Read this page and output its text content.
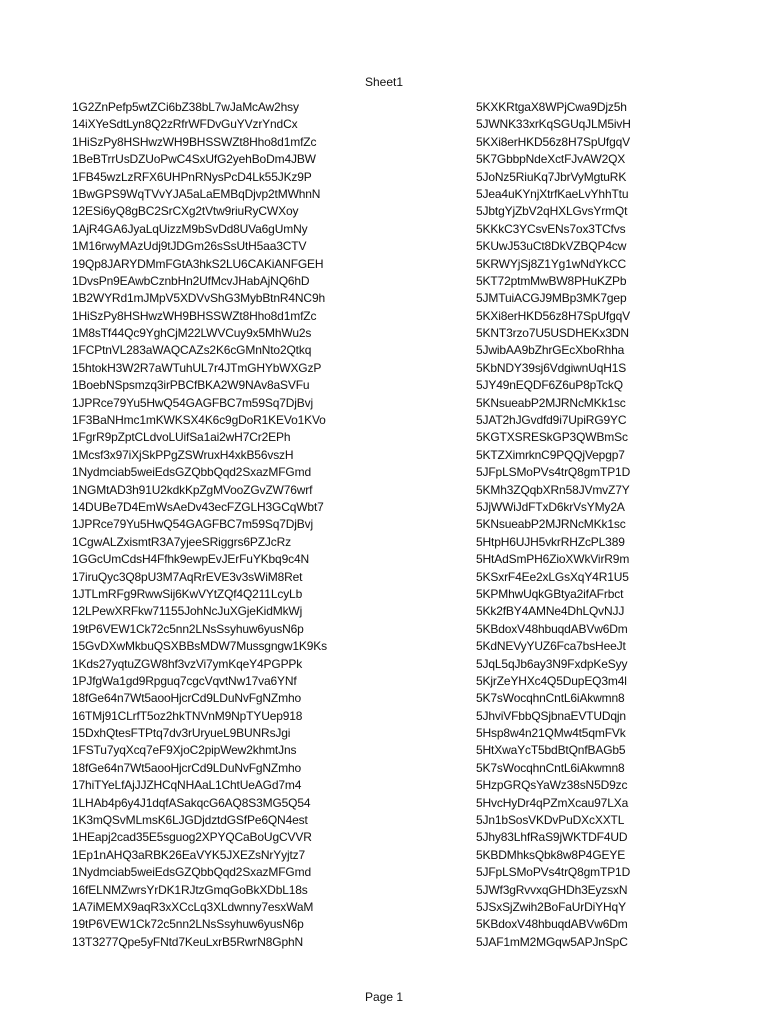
Sheet1
1G2ZnPefp5wtZCi6bZ38bL7wJaMcAw2hsy
14iXYeSdtLyn8Q2zRfrWFDvGuYVzrYndCx
1HiSzPy8HSHwzWH9BHSSWZt8Hho8d1mfZc
1BeBTrrUsDZUoPwC4SxUfG2yehBoDm4JBW
1FB45wzLzRFX6UHPnRNysPcD4Lk55JKz9P
1BwGPS9WqTVvYJA5aLaEMBqDjvp2tMWhnN
12ESi6yQ8gBC2SrCXg2tVtw9riuRyCWXoy
1AjR4GA6JyaLqUizzM9bSvDd8UVa6gUmNy
1M16rwyMAzUdj9tJDGm26sSsUtH5aa3CTV
19Qp8JARYDMmFGtA3hkS2LU6CAKiANFGEH
1DvsPn9EAwbCznbHn2UfMcvJHabAjNQ6hD
1B2WYRd1mJMpV5XDVvShG3MybBtnR4NC9h
1HiSzPy8HSHwzWH9BHSSWZt8Hho8d1mfZc
1M8sTf44Qc9YghCjM22LWVCuy9x5MhWu2s
1FCPtnVL283aWAQCAZs2K6cGMnNto2Qtkq
15htokH3W2R7aWTuhUL7r4JTmGHYbWXGzP
1BoebNSpsmzq3irPBCfBKA2W9NAv8aSVFu
1JPRce79Yu5HwQ54GAGFBC7m59Sq7DjBvj
1F3BaNHmc1mKWKSX4K6c9gDoR1KEVo1KVo
1FgrR9pZptCLdvoLUifSa1ai2wH7Cr2EPh
1Mcsf3x97iXjSkPPgZSWruxH4xkB56vszH
1Nydmciab5weiEdsGZQbbQqd2SxazMFGmd
1NGMtAD3h91U2kdkKpZgMVooZGvZW76wrf
14DUBe7D4EmWsAeDv43ecFZGLH3GCqWbt7
1JPRce79Yu5HwQ54GAGFBC7m59Sq7DjBvj
1CgwALZxismtR3A7yjeeSRiggrs6PZJcRz
1GGcUmCdsH4Ffhk9ewpEvJErFuYKbq9c4N
17iruQyc3Q8pU3M7AqRrEVE3v3sWiM8Ret
1JTLmRFg9RwwSij6KwVYtZQf4Q211LcyLb
12LPewXRFkw71155JohNcJuXGjeKidMkWj
19tP6VEW1Ck72c5nn2LNsSsyhuw6yusN6p
15GvDXwMkbuQSXBBsMDW7Mussgngw1K9Ks
1Kds27yqtuZGW8hf3vzVi7ymKqeY4PGPPk
1PJfgWa1gd9Rpguq7cgcVqvtNw17va6YNf
18fGe64n7Wt5aooHjcrCd9LDuNvFgNZmho
16TMj91CLrfT5oz2hkTNVnM9NpTYUep918
15DxhQtesFTPtq7dv3rUryueL9BUNRsJgi
1FSTu7yqXcq7eF9XjoC2pipWew2khmtJns
18fGe64n7Wt5aooHjcrCd9LDuNvFgNZmho
17hiTYeLfAjJJZHCqNHAaL1ChtUeAGd7m4
1LHAb4p6y4J1dqfASakqcG6AQ8S3MG5Q54
1K3mQSvMLmsK6LJGDjdztdGSfPe6QN4est
1HEapj2cad35E5sguog2XPYQCaBoUgCVVR
1Ep1nAHQ3aRBK26EaVYK5JXEZsNrYyjtz7
1Nydmciab5weiEdsGZQbbQqd2SxazMFGmd
16fELNMZwrsYrDK1RJtzGmqGoBkXDbL18s
1A7iMEMX9aqR3xXCcLq3XLdwnny7esxWaM
19tP6VEW1Ck72c5nn2LNsSsyhuw6yusN6p
13T3277Qpe5yFNtd7KeuLxrB5RwrN8GphN
5KXKRtgaX8WPjCwa9Djz5h
5JWNK33xrKqSGUqJLM5ivH
5KXi8erHKD56z8H7SpUfgqV
5K7GbbpNdeXctFJvAW2QX
5JoNz5RiuKq7JbrVyMgtuRK
5Jea4uKYnjXtrfKaeLvYhhTtu
5JbtgYjZbV2qHXLGvsYrmQt
5KKkC3YCsvENs7ox3TCfvs
5KUwJ53uCt8DkVZBQP4cw
5KRWYjSj8Z1Yg1wNdYkCC
5KT72ptmMwBW8PHuKZPb
5JMTuiACGJ9MBp3MK7gep
5KXi8erHKD56z8H7SpUfgqV
5KNT3rzo7U5USDHEKx3DN
5JwibAA9bZhrGEcXboRhha
5KbNDY39sj6VdgiwnUqH1S
5JY49nEQDF6Z6uP8pTckQ
5KNsueabP2MJRNcMKk1sc
5JAT2hJGvdfd9i7UpiRG9YC
5KGTXSRESkGP3QWBmSc
5KTZXimrknC9PQQjVepgp7
5JFpLSMoPVs4trQ8gmTP1D
5KMh3ZQqbXRn58JVmvZ7Y
5JjWWiJdFTxD6krVsYMy2A
5KNsueabP2MJRNcMKk1sc
5HtpH6UJH5vkrRHZcPL389
5HtAdSmPH6ZioXWkVirR9m
5KSxrF4Ee2xLGsXqY4R1U5
5KPMhwUqkGBtya2ifAFrbct
5Kk2fBY4AMNe4DhLQvNJJ
5KBdoxV48hbuqdABVw6Dm
5KdNEVyYUZ6Fca7bsHeeJt
5JqL5qJb6ay3N9FxdpKeSyy
5KjrZeYHXc4Q5DupEQ3m4l
5K7sWocqhnCntL6iAkwmn8
5JhviVFbbQSjbnaEVTUDqjn
5Hsp8w4n21QMw4t5qmFVk
5HtXwaYcT5bdBtQnfBAGb5
5K7sWocqhnCntL6iAkwmn8
5HzpGRQsYaWz38sN5D9zc
5HvcHyDr4qPZmXcau97LXa
5Jn1bSosVKDvPuDXcXXTL
5Jhy83LhfRaS9jWKTDF4UD
5KBDMhksQbk8w8P4GEYE
5JFpLSMoPVs4trQ8gmTP1D
5JWf3gRvvxqGHDh3EyzsxN
5JSxSjZwih2BoFaUrDiYHqY
5KBdoxV48hbuqdABVw6Dm
5JAF1mM2MGqw5APJnSpC
Page 1
